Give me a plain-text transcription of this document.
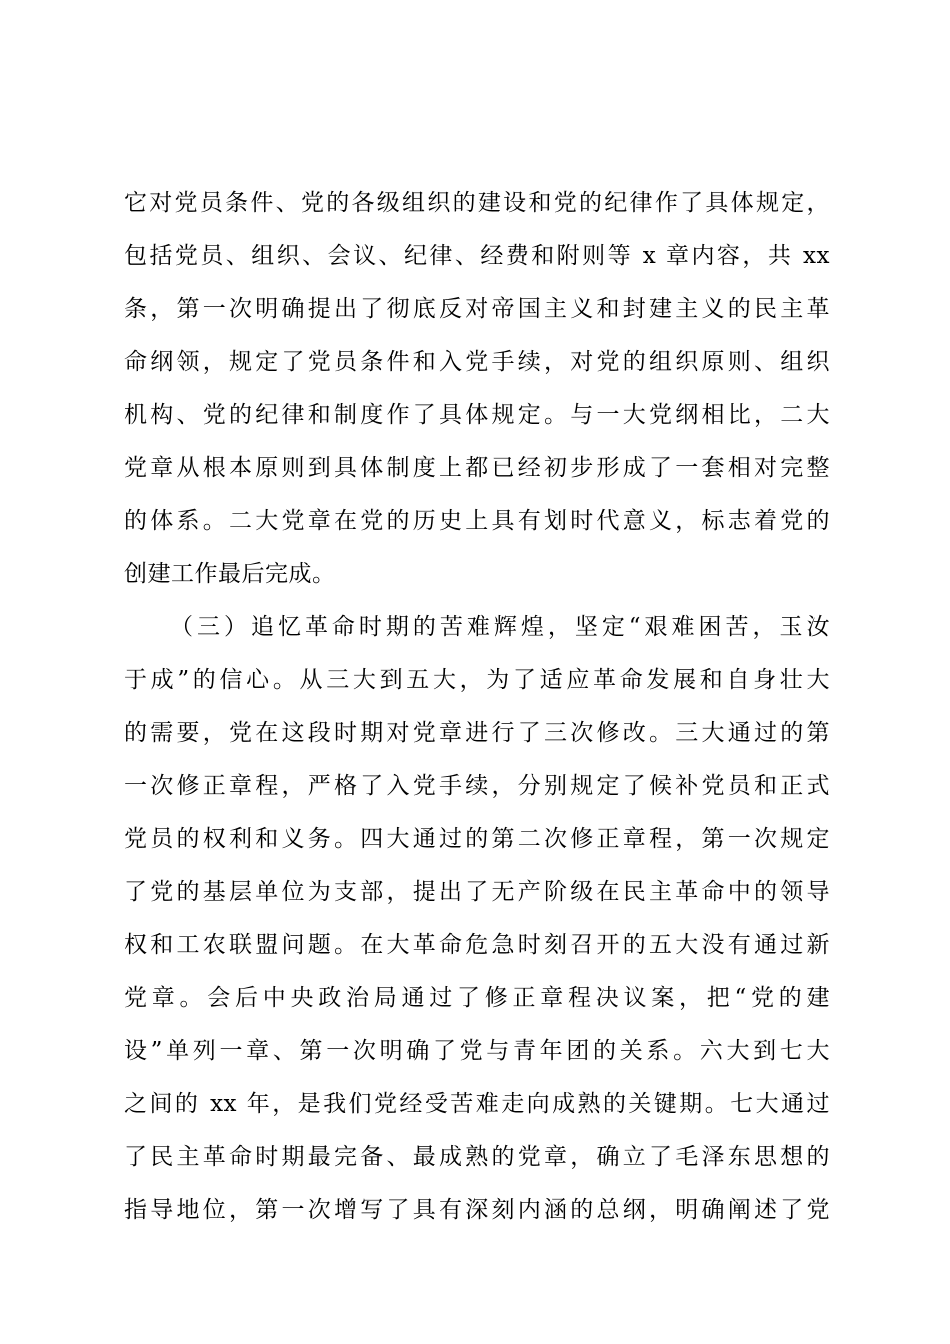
它对党员条件、党的各级组织的建设和党的纪律作了具体规定，
包括党员、组织、会议、纪律、经费和附则等 x 章内容，共 xx
条，第一次明确提出了彻底反对帝国主义和封建主义的民主革
命纲领，规定了党员条件和入党手续，对党的组织原则、组织
机构、党的纪律和制度作了具体规定。与一大党纲相比，二大
党章从根本原则到具体制度上都已经初步形成了一套相对完整
的体系。二大党章在党的历史上具有划时代意义，标志着党的
创建工作最后完成。
（三）追忆革命时期的苦难辉煌，坚定“艰难困苦，玉汝
于成”的信心。从三大到五大，为了适应革命发展和自身壮大
的需要，党在这段时期对党章进行了三次修改。三大通过的第
一次修正章程，严格了入党手续，分别规定了候补党员和正式
党员的权利和义务。四大通过的第二次修正章程，第一次规定
了党的基层单位为支部，提出了无产阶级在民主革命中的领导
权和工农联盟问题。在大革命危急时刻召开的五大没有通过新
党章。会后中央政治局通过了修正章程决议案，把“党的建
设”单列一章、第一次明确了党与青年团的关系。六大到七大
之间的 xx 年，是我们党经受苦难走向成熟的关键期。七大通过
了民主革命时期最完备、最成熟的党章，确立了毛泽东思想的
指导地位，第一次增写了具有深刻内涵的总纲，明确阐述了党
